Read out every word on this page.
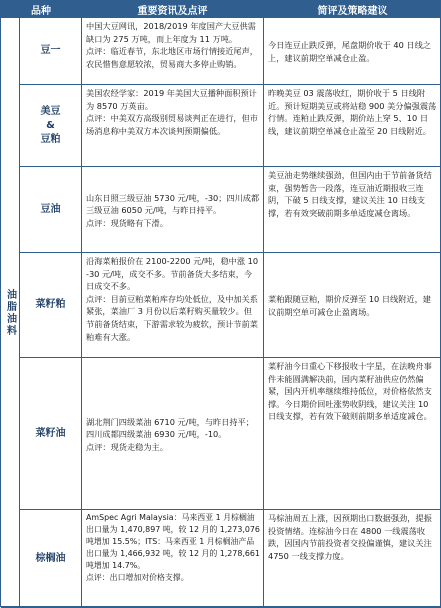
品种	重要资讯及点评	简评及策略建议
油脂油料
豆一

中国大豆网讯，2018/2019 年度国产大豆供需缺口为 275 万吨，而上年度为 11 万吨。
点评：临近春节，东北地区市场行情接近尾声，农民惜售意愿较浓，贸易商大多停止购销。

今日连豆止跌反弹，尾盘期价收于 40 日线之上，建议前期空单减仓止盈。

美豆
&
豆粕

美国农经学家：2019 年美国大豆播种面积预计为 8570 万英亩。
点评：中美双方高级别贸易谈判正在进行，但市场消息称中美双方本次谈判预期偏低。

昨晚美豆 03 震荡收红，期价收于 5 日线附近。预计短期美豆或将站稳 900 美分偏强震荡行情。连粕止跌反弹，期价站上穿 5、10 日线，建议前期空单减仓止盈至 20 日线附近。

豆油

山东日照三级豆油 5730 元/吨，-30；四川成都三级豆油 6050 元/吨，与昨日持平。
点评：现货略有下滑。

美豆油走势继续强劲，但国内由于节前备货结束，强势暂告一段落，连豆油近期报收三连阴，下破 5 日线支撑，建议关注 10 日线支撑，若有效突破前期多单适度减仓离场。

菜籽粕

沿海菜粕报价在 2100-2200 元/吨，稳中涨 10-30 元/吨，成交不多。节前备货大多结束，今日成交不多。
点评：目前豆粕菜粕库存均处低位，及中加关系紧张，菜油厂 3 月份以后菜籽购买量较少。但节前备货结束，下游需求较为疲软，预计节前菜粕难有大涨。

菜粕跟随豆粕，期价反弹至 10 日线附近，建议前期空单可减仓止盈离场。

菜籽油

湖北荆门四级菜油 6710 元/吨，与昨日持平；四川成都四级菜油 6930 元/吨，-10。
点评：现货走稳为主。

菜籽油今日重心下移报收十字星，在法晚舟事件未能圆满解决前，国内菜籽油供应仍然偏紧，国内开机率继续维持低位，对价格依然支撑。今日期价回吐涨势收阴线，建议关注 10 日线支撑，若有效下破则前期多单适度减仓。

棕榈油

AmSpec Agri Malaysia：马来西亚 1 月棕榈油出口量为 1,470,897 吨，较 12 月的 1,273,076 吨增加 15.5%；ITS：马来西亚 1 月棕榈油产品出口量为 1,466,932 吨，较 12 月的 1,278,661 吨增加 14.7%。
点评：出口增加对价格支撑。

马棕油周五上涨，因预期出口数据强劲，提振投资情绪。连棕油今日在 4800 一线震荡收跌，因国内节前投资者交投偏谨慎，建议关注 4750 一线支撑力度。
